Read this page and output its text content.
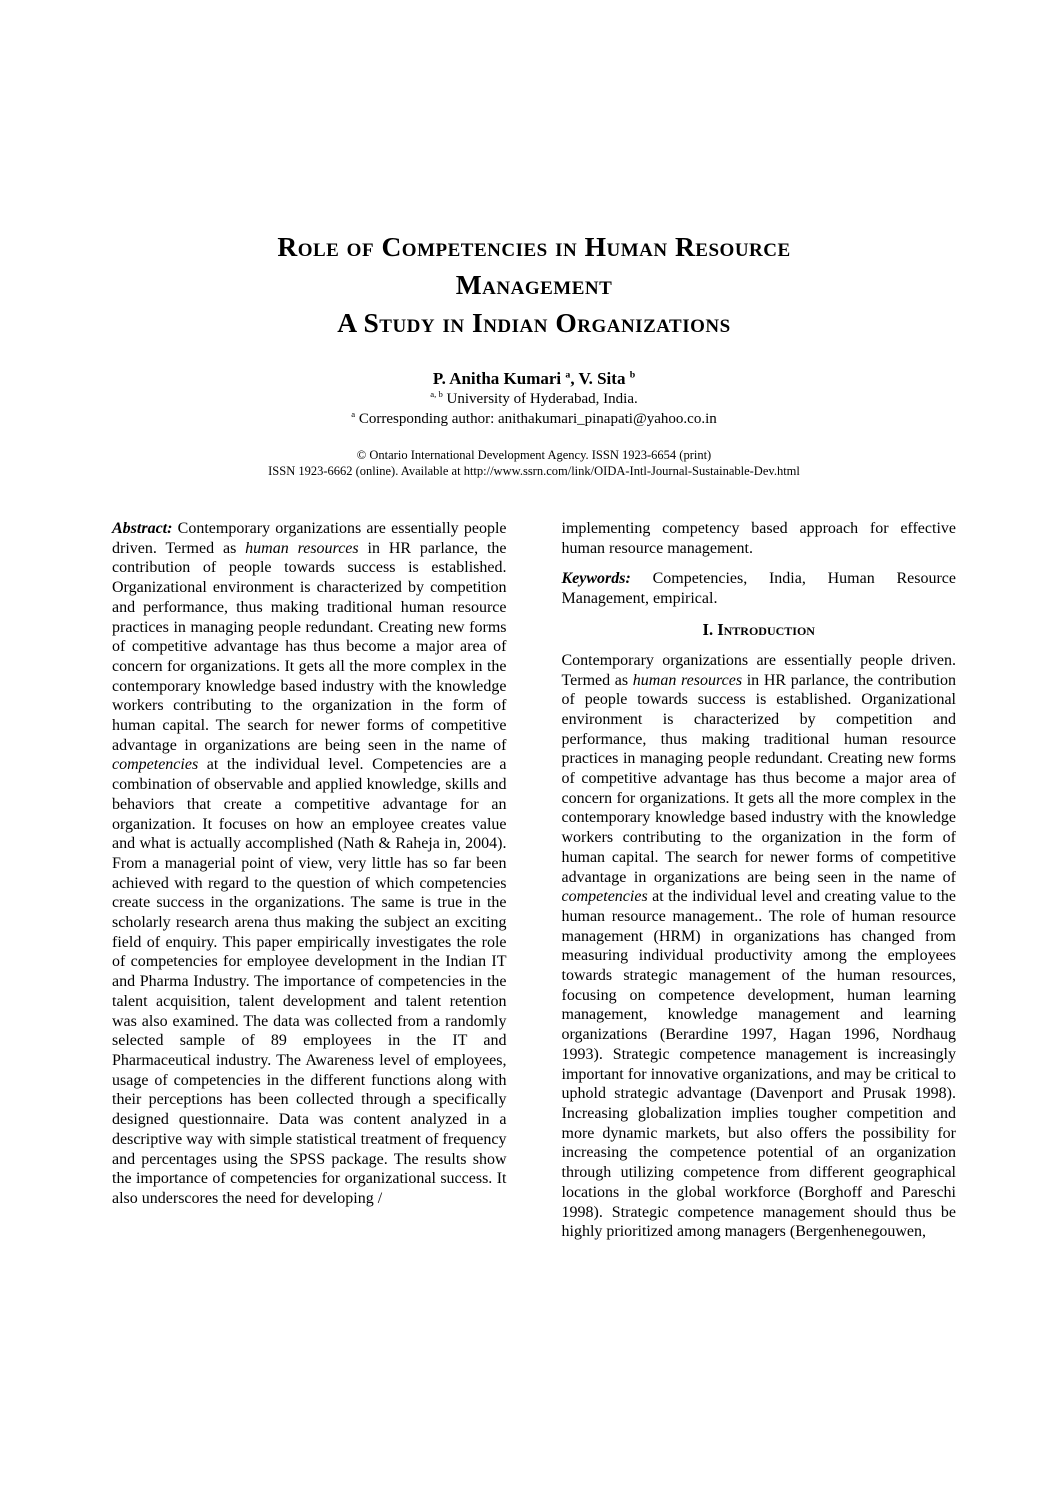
Role of Competencies in Human Resource
Management
A Study in Indian Organizations
P. Anitha Kumari $^a$, V. Sita $^b$
$^{a, b}$ University of Hyderabad, India.
$^a$ Corresponding author: anithakumari_pinapati@yahoo.co.in
© Ontario International Development Agency. ISSN 1923-6654 (print)
ISSN 1923-6662 (online). Available at http://www.ssrn.com/link/OIDA-Intl-Journal-Sustainable-Dev.html

Abstract: Contemporary organizations are essentially people driven. Termed as human resources in HR parlance, the contribution of people towards success is established. Organizational environment is characterized by competition and performance, thus making traditional human resource practices in managing people redundant. Creating new forms of competitive advantage has thus become a major area of concern for organizations. It gets all the more complex in the contemporary knowledge based industry with the knowledge workers contributing to the organization in the form of human capital. The search for newer forms of competitive advantage in organizations are being seen in the name of competencies at the individual level. Competencies are a combination of observable and applied knowledge, skills and behaviors that create a competitive advantage for an organization. It focuses on how an employee creates value and what is actually accomplished (Nath & Raheja in, 2004). From a managerial point of view, very little has so far been achieved with regard to the question of which competencies create success in the organizations. The same is true in the scholarly research arena thus making the subject an exciting field of enquiry. This paper empirically investigates the role of competencies for employee development in the Indian IT and Pharma Industry. The importance of competencies in the talent acquisition, talent development and talent retention was also examined. The data was collected from a randomly selected sample of 89 employees in the IT and Pharmaceutical industry. The Awareness level of employees, usage of competencies in the different functions along with their perceptions has been collected through a specifically designed questionnaire. Data was content analyzed in a descriptive way with simple statistical treatment of frequency and percentages using the SPSS package. The results show the importance of competencies for organizational success. It also underscores the need for developing /

implementing competency based approach for effective human resource management.

Keywords: Competencies, India, Human Resource Management, empirical.

I. Introduction

Contemporary organizations are essentially people driven. Termed as human resources in HR parlance, the contribution of people towards success is established. Organizational environment is characterized by competition and performance, thus making traditional human resource practices in managing people redundant. Creating new forms of competitive advantage has thus become a major area of concern for organizations. It gets all the more complex in the contemporary knowledge based industry with the knowledge workers contributing to the organization in the form of human capital. The search for newer forms of competitive advantage in organizations are being seen in the name of competencies at the individual level and creating value to the human resource management.. The role of human resource management (HRM) in organizations has changed from measuring individual productivity among the employees towards strategic management of the human resources, focusing on competence development, human learning management, knowledge management and learning organizations (Berardine 1997, Hagan 1996, Nordhaug 1993). Strategic competence management is increasingly important for innovative organizations, and may be critical to uphold strategic advantage (Davenport and Prusak 1998). Increasing globalization implies tougher competition and more dynamic markets, but also offers the possibility for increasing the competence potential of an organization through utilizing competence from different geographical locations in the global workforce (Borghoff and Pareschi 1998). Strategic competence management should thus be highly prioritized among managers (Bergenhenegouwen,
